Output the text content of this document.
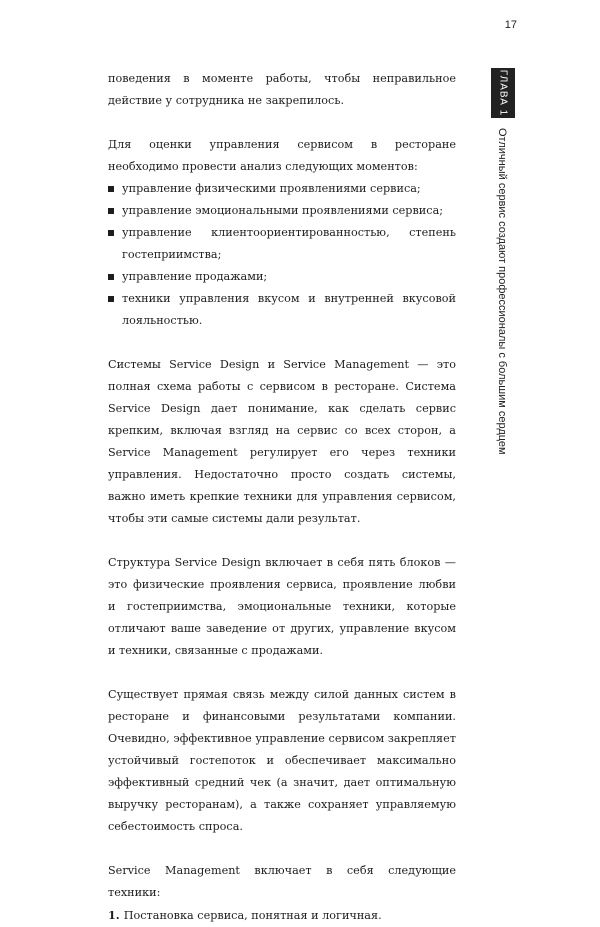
17
ГЛАВА 1
Отличный сервис создают профессионалы с большим сердцем

поведения в моменте работы, чтобы неправильное действие у сотрудника не закрепилось.

Для оценки управления сервисом в ресторане необходимо провести анализ следующих моментов:

управление физическими проявлениями сервиса;
управление эмоциональными проявлениями сервиса;
управление клиентоориентированностью, степень гостеприимства;
управление продажами;
техники управления вкусом и внутренней вкусовой лояльностью.

Системы Service Design и Service Management — это полная схема работы с сервисом в ресторане. Система Service Design дает понимание, как сделать сервис крепким, включая взгляд на сервис со всех сторон, а Service Management регулирует его через техники управления. Недостаточно просто создать системы, важно иметь крепкие техники для управления сервисом, чтобы эти самые системы дали результат.

Структура Service Design включает в себя пять блоков — это физические проявления сервиса, проявление любви и гостеприимства, эмоциональные техники, которые отличают ваше заведение от других, управление вкусом и техники, связанные с продажами.

Существует прямая связь между силой данных систем в ресторане и финансовыми результатами компании. Очевидно, эффективное управление сервисом закрепляет устойчивый гостепоток и обеспечивает максимально эффективный средний чек (а значит, дает оптимальную выручку ресторанам), а также сохраняет управляемую себестоимость спроса.

Service Management включает в себя следующие техники:

1. Постановка сервиса, понятная и логичная.
